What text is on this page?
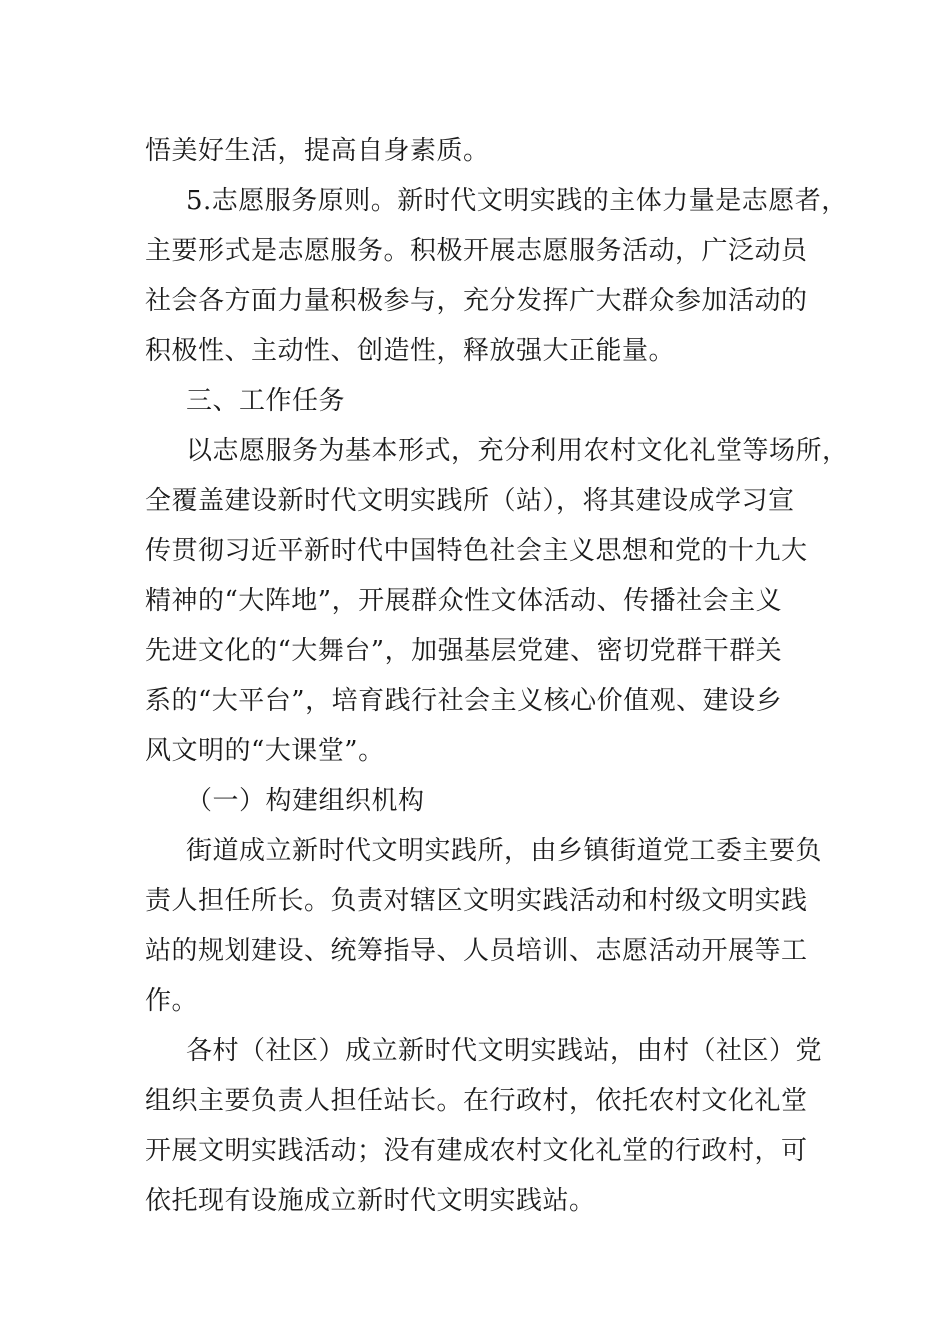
悟美好生活，提高自身素质。
5.志愿服务原则。新时代文明实践的主体力量是志愿者，
主要形式是志愿服务。积极开展志愿服务活动，广泛动员
社会各方面力量积极参与，充分发挥广大群众参加活动的
积极性、主动性、创造性，释放强大正能量。
三、工作任务
以志愿服务为基本形式，充分利用农村文化礼堂等场所，
全覆盖建设新时代文明实践所（站），将其建设成学习宣
传贯彻习近平新时代中国特色社会主义思想和党的十九大
精神的“大阵地”，开展群众性文体活动、传播社会主义
先进文化的“大舞台”，加强基层党建、密切党群干群关
系的“大平台”，培育践行社会主义核心价值观、建设乡
风文明的“大课堂”。
（一）构建组织机构
街道成立新时代文明实践所，由乡镇街道党工委主要负
责人担任所长。负责对辖区文明实践活动和村级文明实践
站的规划建设、统筹指导、人员培训、志愿活动开展等工
作。
各村（社区）成立新时代文明实践站，由村（社区）党
组织主要负责人担任站长。在行政村，依托农村文化礼堂
开展文明实践活动；没有建成农村文化礼堂的行政村，可
依托现有设施成立新时代文明实践站。
